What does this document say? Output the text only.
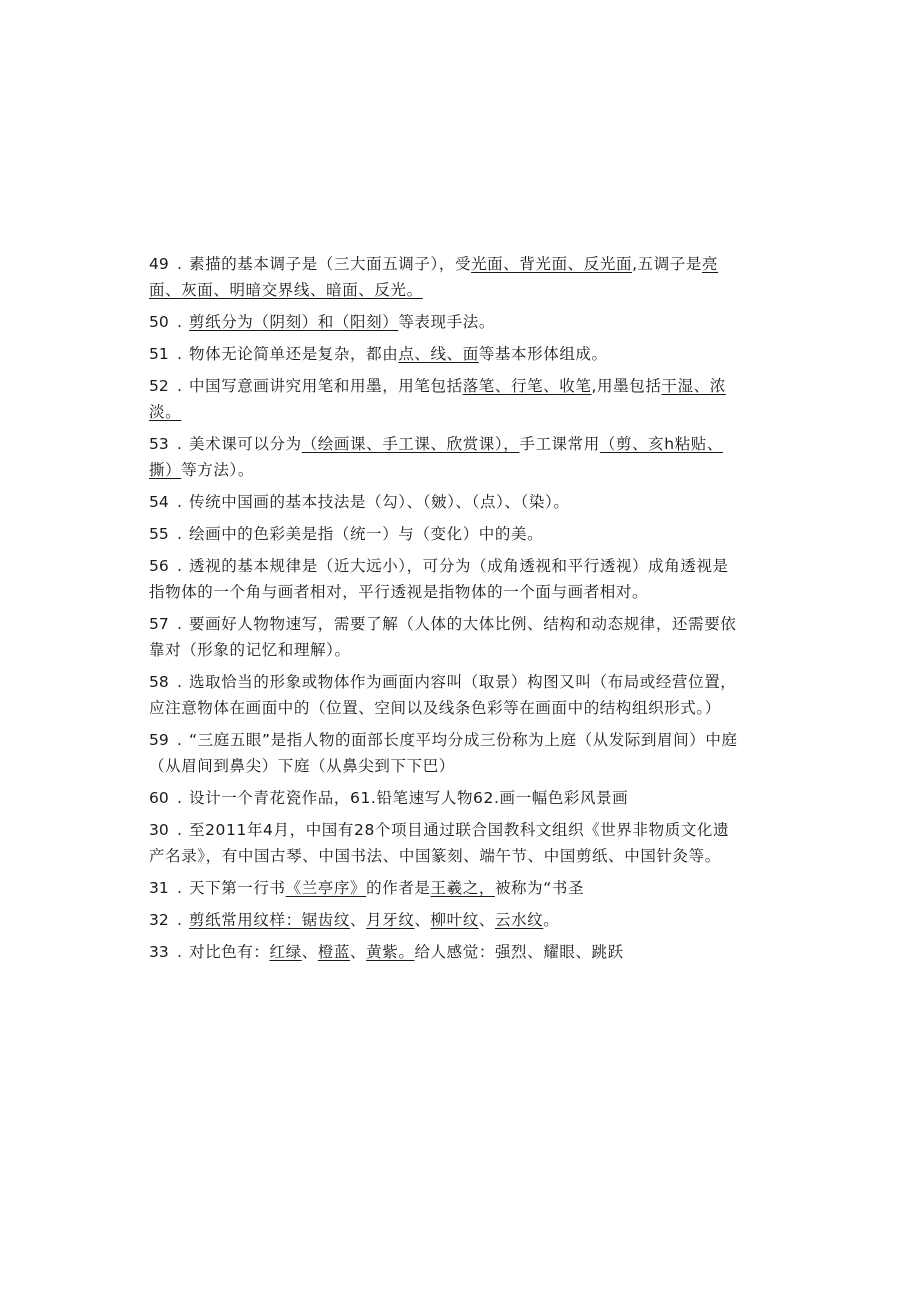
49 . 素描的基本调子是（三大面五调子），受光面、背光面、反光面,五调子是亮面、灰面、明暗交界线、暗面、反光。

50 . 剪纸分为（阴刻）和（阳刻）等表现手法。

51 . 物体无论简单还是复杂，都由点、线、面等基本形体组成。

52 . 中国写意画讲究用笔和用墨，用笔包括落笔、行笔、收笔,用墨包括干湿、浓淡。

53 . 美术课可以分为（绘画课、手工课、欣赏课），手工课常用（剪、亥h粘贴、撕）等方法）。

54 . 传统中国画的基本技法是（勾）、（皴）、（点）、（染）。

55 . 绘画中的色彩美是指（统一）与（变化）中的美。

56 . 透视的基本规律是（近大远小），可分为（成角透视和平行透视）成角透视是指物体的一个角与画者相对，平行透视是指物体的一个面与画者相对。

57 . 要画好人物物速写，需要了解（人体的大体比例、结构和动态规律，还需要依靠对（形象的记忆和理解）。

58 . 选取恰当的形象或物体作为画面内容叫（取景）构图又叫（布局或经营位置，应注意物体在画面中的（位置、空间以及线条色彩等在画面中的结构组织形式。）

59 . “三庭五眼”是指人物的面部长度平均分成三份称为上庭（从发际到眉间）中庭（从眉间到鼻尖）下庭（从鼻尖到下下巴）

60 . 设计一个青花瓷作品，61.铅笔速写人物62.画一幅色彩风景画

30 . 至2011年4月，中国有28个项目通过联合国教科文组织《世界非物质文化遗产名录》，有中国古琴、中国书法、中国篆刻、端午节、中国剪纸、中国针灸等。

31 . 天下第一行书《兰亭序》的作者是王羲之，被称为“书圣

32 . 剪纸常用纹样：锯齿纹、月牙纹、柳叶纹、云水纹。

33 . 对比色有：红绿、橙蓝、黄紫。给人感觉：强烈、耀眼、跳跃
